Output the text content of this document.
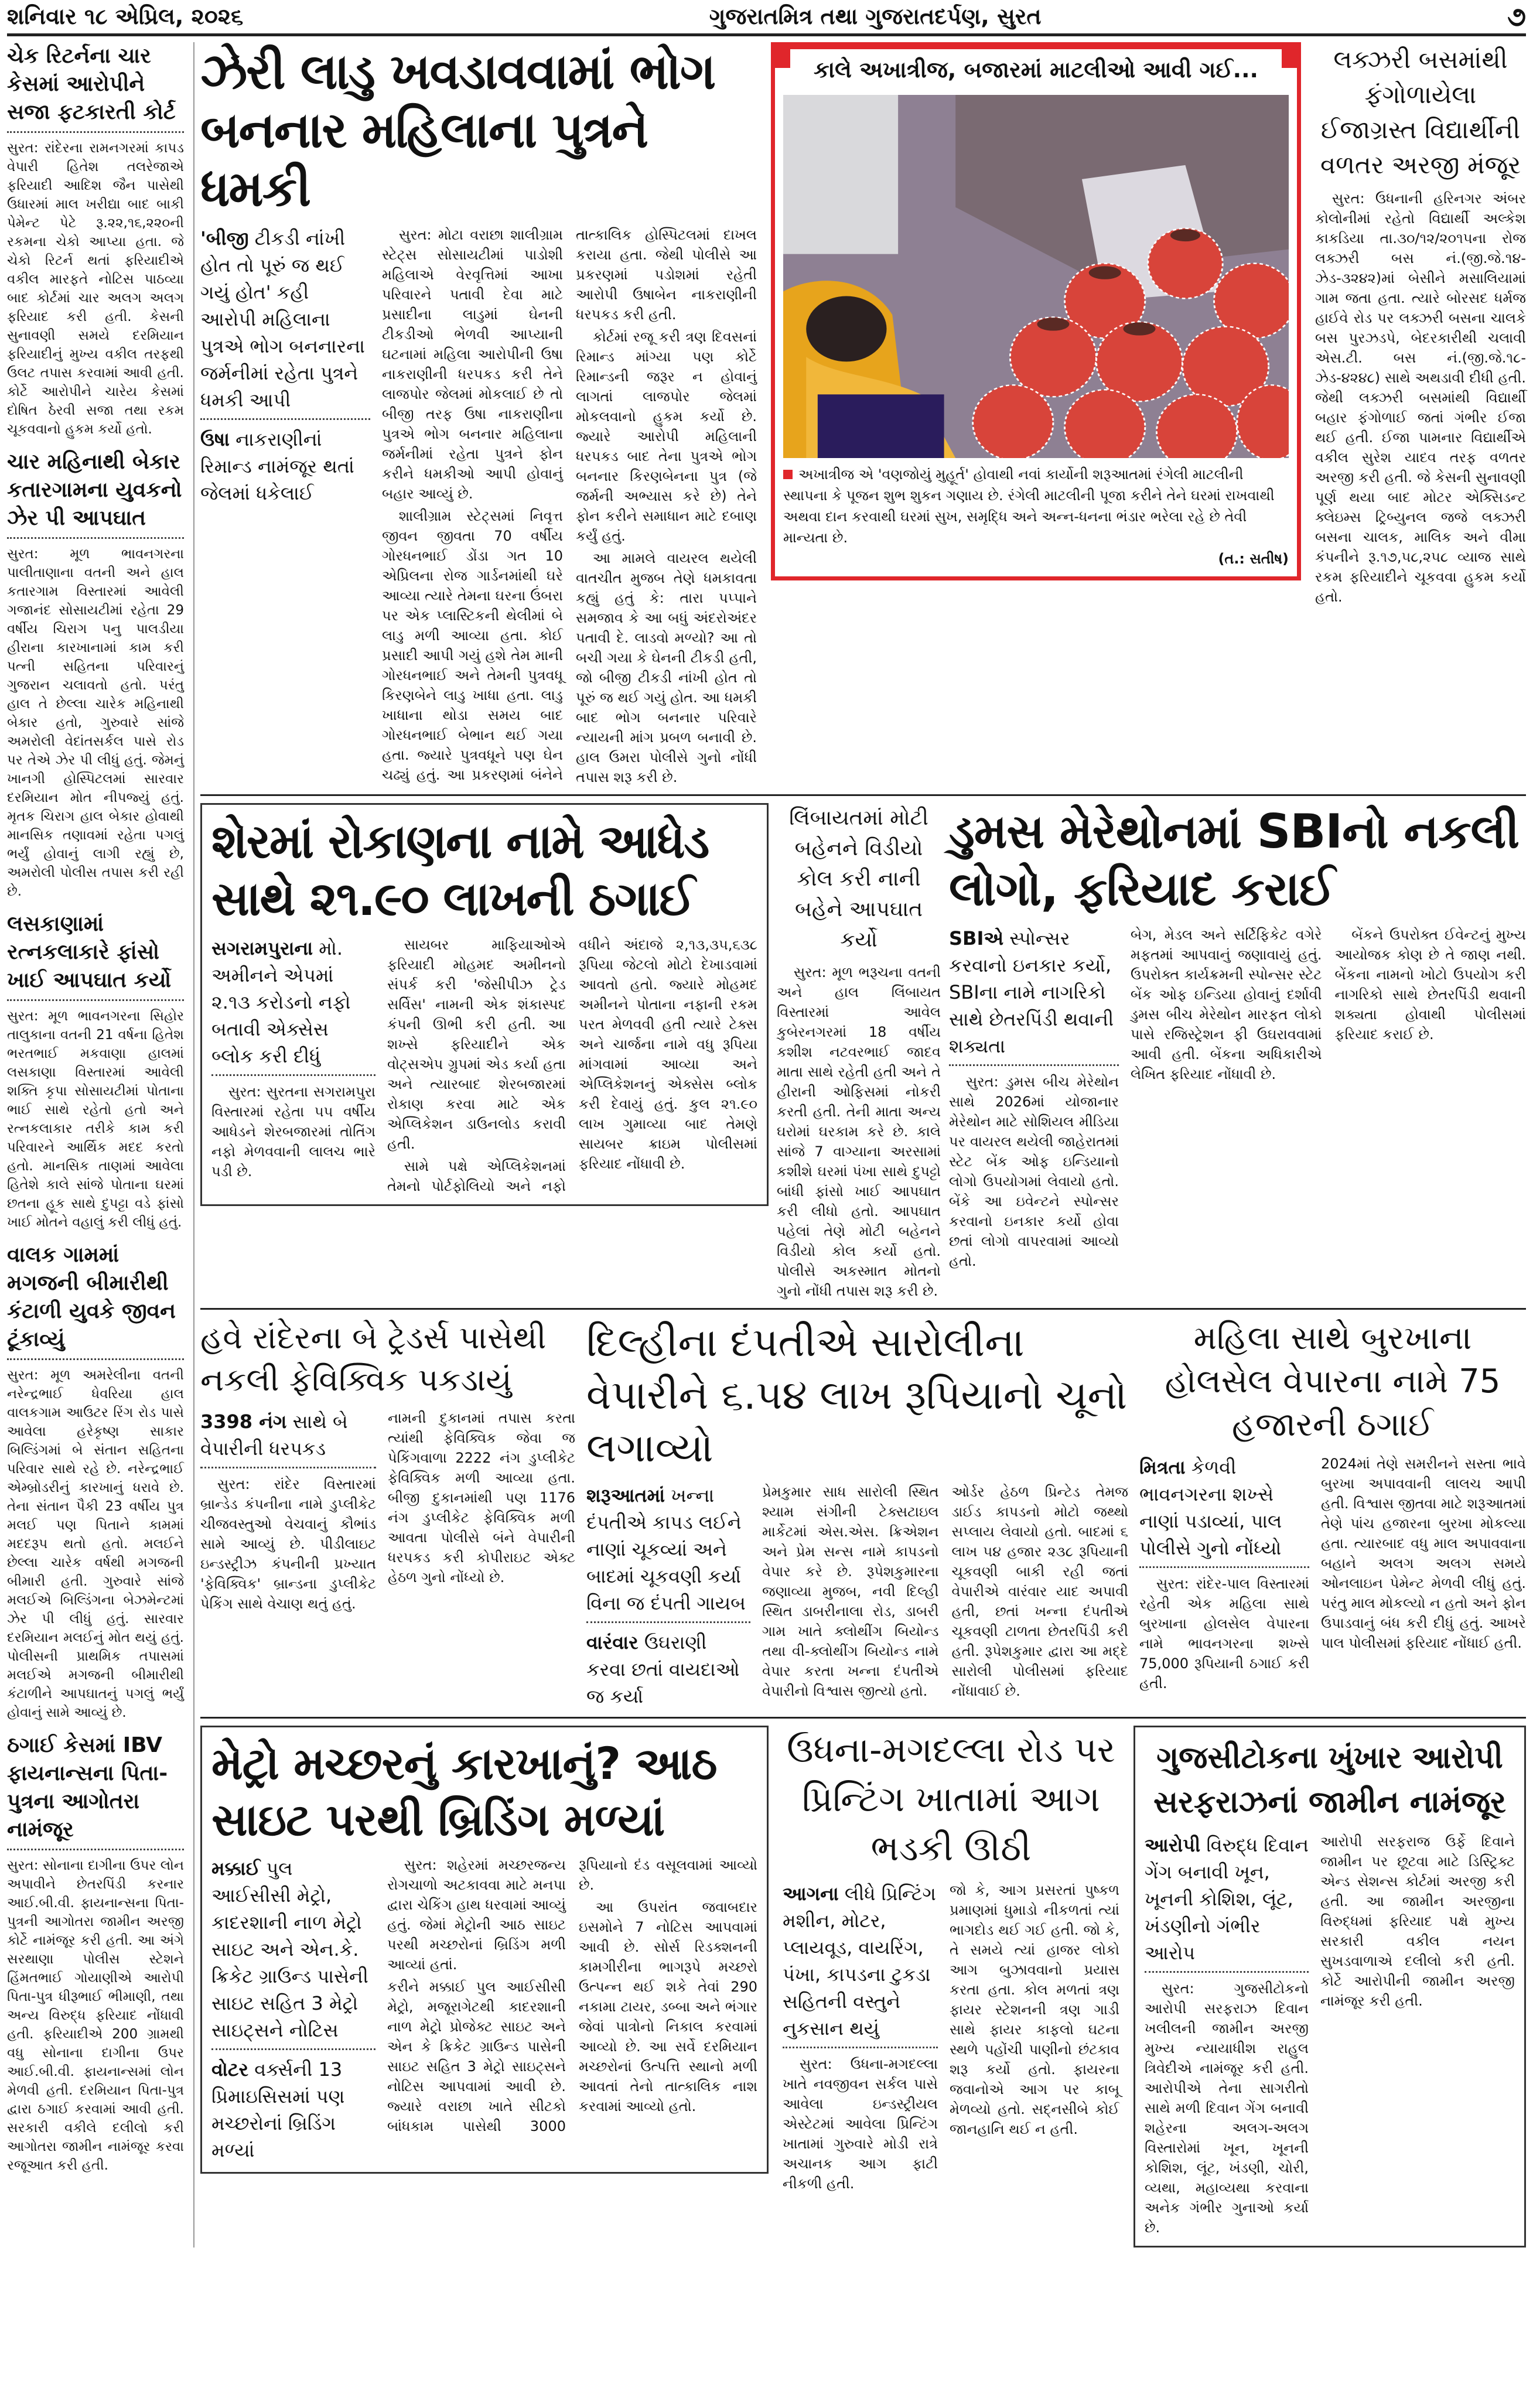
શનિવાર ૧૮ એપ્રિલ, ૨૦૨૬	ગુજરાતમિત્ર તથા ગુજરાતદર્પણ, સુરત	૭
ચેક રિટર્નના ચાર કેસમાં આરોપીને સજા ફટકારતી કોર્ટ
સુરત: રાંદેરના રામનગરમાં કાપડ વેપારી હિતેશ તલરેજાએ ફરિયાદી આદિશ જૈન પાસેથી ઉધારમાં માલ ખરીદ્યા બાદ બાકી પેમેન્ટ પેટે રૂ.૨૨,૧૬,૨૨૦ની રકમના ચેકો આપ્યા હતા. જે ચેકો રિટર્ન થતાં ફરિયાદીએ વકીલ મારફતે નોટિસ પાઠવ્યા બાદ કોર્ટમાં ચાર અલગ અલગ ફરિયાદ કરી હતી. કેસની સુનાવણી સમયે દરમિયાન ફરિયાદીનું મુખ્ય વકીલ તરફથી ઉલટ તપાસ કરવામાં આવી હતી. કોર્ટે આરોપીને ચારેય કેસમાં દોષિત ઠેરવી સજા તથા રકમ ચૂકવવાનો હુકમ કર્યો હતો.
ચાર મહિનાથી બેકાર કતારગામના યુવકનો ઝેર પી આપઘાત
સુરત: મૂળ ભાવનગરના પાલીતાણાના વતની અને હાલ કતારગામ વિસ્તારમાં આવેલી ગજાનંદ સોસાયટીમાં રહેતા 29 વર્ષીય ચિરાગ પનુ પાલડીયા હીરાના કારખાનામાં કામ કરી પત્ની સહિતના પરિવારનું ગુજરાન ચલાવતો હતો. પરંતુ હાલ તે છેલ્લા ચારેક મહિનાથી બેકાર હતો, ગુરુવારે સાંજે અમરોલી વેદાંતસર્કલ પાસે રોડ પર તેએ ઝેર પી લીધું હતું. જેમનું ખાનગી હોસ્પિટલમાં સારવાર દરમિયાન મોત નીપજ્યું હતું. મૃતક ચિરાગ હાલ બેકાર હોવાથી માનસિક તણાવમાં રહેતા પગલું ભર્યું હોવાનું લાગી રહ્યું છે, અમરોલી પોલીસ તપાસ કરી રહી છે.
લસકાણામાં રત્નકલાકારે ફાંસો ખાઈ આપઘાત કર્યો
સુરત: મૂળ ભાવનગરના સિહોર તાલુકાના વતની 21 વર્ષના હિતેશ ભરતભાઈ મકવાણા હાલમાં લસકાણા વિસ્તારમાં આવેલી શક્તિ કૃપા સોસાયટીમાં પોતાના ભાઈ સાથે રહેતો હતો અને રત્નકલાકાર તરીકે કામ કરી પરિવારને આર્થિક મદદ કરતો હતો. માનસિક તાણમાં આવેલા હિતેશે કાલે સાંજે પોતાના ઘરમાં છતના હૂક સાથે દુપટ્ટા વડે ફાંસો ખાઈ મોતને વહાલું કરી લીધું હતું.
વાલક ગામમાં મગજની બીમારીથી કંટાળી યુવકે જીવન ટૂંકાવ્યું
સુરત: મૂળ અમરેલીના વતની નરેન્દ્રભાઈ ધેવરિયા હાલ વાલકગામ આઉટર રિંગ રોડ પાસે આવેલા હરેકૃષ્ણ સાકાર બિલ્ડિંગમાં બે સંતાન સહિતના પરિવાર સાથે રહે છે. નરેન્દ્રભાઈ એમ્બ્રોડરીનું કારખાનું ધરાવે છે. તેના સંતાન પૈકી 23 વર્ષીય પુત્ર મલઈ પણ પિતાને કામમાં મદદરૂપ થતો હતો. મલઈને છેલ્લા ચારેક વર્ષથી મગજની બીમારી હતી. ગુરુવારે સાંજે મલઈએ બિલ્ડિંગના બેઝમેન્ટમાં ઝેર પી લીધું હતું. સારવાર દરમિયાન મલઈનું મોત થયું હતું. પોલીસની પ્રાથમિક તપાસમાં મલઈએ મગજની બીમારીથી કંટાળીને આપઘાતનું પગલું ભર્યું હોવાનું સામે આવ્યું છે.
ઠગાઈ કેસમાં IBV ફાયનાન્સના પિતા-પુત્રના આગોતરા નામંજૂર
સુરત: સોનાના દાગીના ઉપર લોન અપાવીને છેતરપિંડી કરનાર આઈ.બી.વી. ફાયનાન્સના પિતા-પુત્રની આગોતરા જામીન અરજી કોર્ટે નામંજૂર કરી હતી. આ અંગે સરથાણા પોલીસ સ્ટેશને હિંમતભાઈ ગોયાણીએ આરોપી પિતા-પુત્ર ધીરૂભાઈ ભીમાણી, તથા અન્ય વિરુદ્ધ ફરિયાદ નોંધાવી હતી. ફરિયાદીએ 200 ગ્રામથી વધુ સોનાના દાગીના ઉપર આઈ.બી.વી. ફાયનાન્સમાં લોન મેળવી હતી. દરમિયાન પિતા-પુત્ર દ્વારા ઠગાઈ કરવામાં આવી હતી. સરકારી વકીલે દલીલો કરી આગોતરા જામીન નામંજૂર કરવા રજૂઆત કરી હતી.
ઝેરી લાડુ ખવડાવવામાં ભોગ બનનાર મહિલાના પુત્રને ધમકી
'બીજી ટીકડી નાંખી હોત તો પૂરું જ થઈ ગયું હોત' કહી આરોપી મહિલાના પુત્રએ ભોગ બનનારના જર્મનીમાં રહેતા પુત્રને ધમકી આપી
ઉષા નાકરાણીનાં રિમાન્ડ નામંજૂર થતાં જેલમાં ધકેલાઈ

સુરત: મોટા વરાછા શાલીગ્રામ સ્ટેટ્સ સોસાયટીમાં પાડોશી મહિલાએ વેરવૃત્તિમાં આખા પરિવારને પતાવી દેવા માટે પ્રસાદીના લાડુમાં ઘેનની ટીકડીઓ ભેળવી આપ્યાની ઘટનામાં મહિલા આરોપીની ઉષા નાકરાણીની ધરપકડ કરી તેને લાજપોર જેલમાં મોકલાઈ છે તો બીજી તરફ ઉષા નાકરાણીના પુત્રએ ભોગ બનનાર મહિલાના જર્મનીમાં રહેતા પુત્રને ફોન કરીને ધમકીઓ આપી હોવાનું બહાર આવ્યું છે.

શાલીગ્રામ સ્ટેટ્સમાં નિવૃત્ત જીવન જીવતા 70 વર્ષીય ગોરધનભાઈ ડોંડા ગત 10 એપ્રિલના રોજ ગાર્ડનમાંથી ઘરે આવ્યા ત્યારે તેમના ઘરના ઉંબરા પર એક પ્લાસ્ટિકની થેલીમાં બે લાડુ મળી આવ્યા હતા. કોઈ પ્રસાદી આપી ગયું હશે તેમ માની ગોરધનભાઈ અને તેમની પુત્રવધૂ કિરણબેને લાડુ ખાધા હતા. લાડુ ખાધાના થોડા સમય બાદ ગોરધનભાઈ બેભાન થઈ ગયા હતા. જ્યારે પુત્રવધૂને પણ ઘેન ચઢ્યું હતું. આ પ્રકરણમાં બંનેને તાત્કાલિક હોસ્પિટલમાં દાખલ કરાયા હતા. જેથી પોલીસે આ પ્રકરણમાં પડોશમાં રહેતી આરોપી ઉષાબેન નાકરાણીની ધરપકડ કરી હતી.

કોર્ટમાં રજૂ કરી ત્રણ દિવસનાં રિમાન્ડ માંગ્યા પણ કોર્ટે રિમાન્ડની જરૂર ન હોવાનું લાગતાં લાજપોર જેલમાં મોકલવાનો હુકમ કર્યો છે. જ્યારે આરોપી મહિલાની ધરપકડ બાદ તેના પુત્રએ ભોગ બનનાર કિરણબેનના પુત્ર (જે જર્મની અભ્યાસ કરે છે) તેને ફોન કરીને સમાધાન માટે દબાણ કર્યું હતું.

આ મામલે વાયરલ થયેલી વાતચીત મુજબ તેણે ધમકાવતા કહ્યું હતું કે: તારા પપ્પાને સમજાવ કે આ બધું અંદરોઅંદર પતાવી દે. લાડવો મળ્યો? આ તો બચી ગયા કે ઘેનની ટીકડી હતી, જો બીજી ટીકડી નાંખી હોત તો પૂરું જ થઈ ગયું હોત. આ ધમકી બાદ ભોગ બનનાર પરિવારે ન્યાયની માંગ પ્રબળ બનાવી છે. હાલ ઉમરા પોલીસે ગુનો નોંધી તપાસ શરૂ કરી છે.

કાલે અખાત્રીજ, બજારમાં માટલીઓ આવી ગઈ...
અખાત્રીજ એ 'વણજોયું મુહૂર્ત' હોવાથી નવાં કાર્યોની શરૂઆતમાં રંગેલી માટલીની સ્થાપના કે પૂજન શુભ શુકન ગણાય છે. રંગેલી માટલીની પૂજા કરીને તેને ઘરમાં રાખવાથી અથવા દાન કરવાથી ઘરમાં સુખ, સમૃદ્ધિ અને અન્ન-ધનના ભંડાર ભરેલા રહે છે તેવી માન્યતા છે.
(ત.: સતીષ)
લક્ઝરી બસમાંથી ફંગોળાયેલા ઈજાગ્રસ્ત વિદ્યાર્થીની વળતર અરજી મંજૂર
સુરત: ઉધનાની હરિનગર અંબર કોલોનીમાં રહેતો વિદ્યાર્થી અલ્કેશ કાકડિયા તા.૩૦/૧૨/૨૦૧૫ના રોજ લક્ઝરી બસ નં.(જી.જે.૧૪-ઝેડ-૩૨૪૨)માં બેસીને મસાલિયામાં ગામ જતા હતા. ત્યારે બોરસદ ધર્મજ હાઈવે રોડ પર લક્ઝરી બસના ચાલકે બસ પુરઝડપે, બેદરકારીથી ચલાવી એસ.ટી. બસ નં.(જી.જે.૧૮-ઝેડ-૪૨૪૮) સાથે અથડાવી દીધી હતી. જેથી લક્ઝરી બસમાંથી વિદ્યાર્થી બહાર ફંગોળાઈ જતાં ગંભીર ઈજા થઈ હતી. ઈજા પામનાર વિદ્યાર્થીએ વકીલ સુરેશ યાદવ તરફ વળતર અરજી કરી હતી. જે કેસની સુનાવણી પૂર્ણ થયા બાદ મોટર એક્સિડન્ટ ક્લેઇમ્સ ટ્રિબ્યુનલ જજે લક્ઝરી બસના ચાલક, માલિક અને વીમા કંપનીને રૂ.૧૭,૫૮,૨૫૮ વ્યાજ સાથે રકમ ફરિયાદીને ચૂકવવા હુકમ કર્યો હતો.
શેરમાં રોકાણના નામે આધેડ સાથે ૨૧.૯૦ લાખની ઠગાઈ
સગરામપુરાના મો. અમીનને એપમાં ૨.૧૩ કરોડનો નફો બતાવી એક્સેસ બ્લોક કરી દીધું

સુરત: સુરતના સગરામપુરા વિસ્તારમાં રહેતા ૫૫ વર્ષીય આધેડને શેરબજારમાં તોતિંગ નફો મેળવવાની લાલચ ભારે પડી છે.

સાયબર માફિયાઓએ ફરિયાદી મોહમદ અમીનનો સંપર્ક કરી 'જેસીપીઝ ટ્રેડ સર્વિસ' નામની એક શંકાસ્પદ કંપની ઊભી કરી હતી. આ શખ્સે ફરિયાદીને એક વોટ્સએપ ગ્રુપમાં એડ કર્યા હતા અને ત્યારબાદ શેરબજારમાં રોકાણ કરવા માટે એક એપ્લિકેશન ડાઉનલોડ કરાવી હતી.

સામે પક્ષે એપ્લિકેશનમાં તેમનો પોર્ટફોલિયો અને નફો વધીને અંદાજે ૨,૧૩,૩૫,૬૩૮ રૂપિયા જેટલો મોટો દેખાડવામાં આવતો હતો. જ્યારે મોહમદ અમીનને પોતાના નફાની રકમ પરત મેળવવી હતી ત્યારે ટેક્સ અને ચાર્જના નામે વધુ રૂપિયા માંગવામાં આવ્યા અને એપ્લિકેશનનું એક્સેસ બ્લોક કરી દેવાયું હતું. કુલ ૨૧.૯૦ લાખ ગુમાવ્યા બાદ તેમણે સાયબર ક્રાઇમ પોલીસમાં ફરિયાદ નોંધાવી છે.

લિંબાયતમાં મોટી બહેનને વિડીયો કોલ કરી નાની બહેને આપઘાત કર્યો
સુરત: મૂળ ભરૂચના વતની અને હાલ લિંબાયત વિસ્તારમાં આવેલ કુબેરનગરમાં 18 વર્ષીય કશીશ નટવરભાઈ જાદવ માતા સાથે રહેતી હતી અને તે હીરાની ઓફિસમાં નોકરી કરતી હતી. તેની માતા અન્ય ઘરોમાં ઘરકામ કરે છે. કાલે સાંજે 7 વાગ્યાના અરસામાં કશીશે ઘરમાં પંખા સાથે દુપટ્ટો બાંધી ફાંસો ખાઈ આપઘાત કરી લીધો હતો. આપઘાત પહેલાં તેણે મોટી બહેનને વિડીયો કોલ કર્યો હતો. પોલીસે અકસ્માત મોતનો ગુનો નોંધી તપાસ શરૂ કરી છે.
ડુમસ મેરેથોનમાં SBIનો નકલી લોગો, ફરિયાદ કરાઈ
SBIએ સ્પોન્સર કરવાનો ઇનકાર કર્યો, SBIના નામે નાગરિકો સાથે છેતરપિંડી થવાની શક્યતા

સુરત: ડુમસ બીચ મેરેથોન સાથે 2026માં યોજાનાર મેરેથોન માટે સોશિયલ મીડિયા પર વાયરલ થયેલી જાહેરાતમાં સ્ટેટ બેંક ઓફ ઇન્ડિયાનો લોગો ઉપયોગમાં લેવાયો હતો. બેંકે આ ઇવેન્ટને સ્પોન્સર કરવાનો ઇનકાર કર્યો હોવા છતાં લોગો વાપરવામાં આવ્યો હતો.

બેગ, મેડલ અને સર્ટિફિકેટ વગેરે મફતમાં આપવાનું જણાવાયું હતું. ઉપરોક્ત કાર્યક્રમની સ્પોન્સર સ્ટેટ બેંક ઓફ ઇન્ડિયા હોવાનું દર્શાવી ડુમસ બીચ મેરેથોન મારફત લોકો પાસે રજિસ્ટ્રેશન ફી ઉઘરાવવામાં આવી હતી. બેંકના અધિકારીએ લેખિત ફરિયાદ નોંધાવી છે.

બેંકને ઉપરોક્ત ઈવેન્ટનું મુખ્ય આયોજક કોણ છે તે જાણ નથી. બેંકના નામનો ખોટો ઉપયોગ કરી નાગરિકો સાથે છેતરપિંડી થવાની શક્યતા હોવાથી પોલીસમાં ફરિયાદ કરાઈ છે.

હવે રાંદેરના બે ટ્રેડર્સ પાસેથી નકલી ફેવિક્વિક પકડાયું
3398 નંગ સાથે બે વેપારીની ધરપકડ

સુરત: રાંદેર વિસ્તારમાં બ્રાન્ડેડ કંપનીના નામે ડુપ્લીકેટ ચીજવસ્તુઓ વેચવાનું કૌભાંડ સામે આવ્યું છે. પીડીલાઇટ ઇન્ડસ્ટ્રીઝ કંપનીની પ્રખ્યાત 'ફેવિક્વિક' બ્રાન્ડના ડુપ્લીકેટ પેકિંગ સાથે વેચાણ થતું હતું.

નામની દુકાનમાં તપાસ કરતા ત્યાંથી ફેવિક્વિક જેવા જ પેકિંગવાળા 2222 નંગ ડુપ્લીકેટ ફેવિક્વિક મળી આવ્યા હતા. બીજી દુકાનમાંથી પણ 1176 નંગ ડુપ્લીકેટ ફેવિક્વિક મળી આવતા પોલીસે બંને વેપારીની ધરપકડ કરી કોપીરાઇટ એક્ટ હેઠળ ગુનો નોંધ્યો છે.

દિલ્હીના દંપતીએ સારોલીના વેપારીને ૬.૫૪ લાખ રૂપિયાનો ચૂનો લગાવ્યો
શરૂઆતમાં ખન્ના દંપતીએ કાપડ લઈને નાણાં ચૂકવ્યાં અને બાદમાં ચૂકવણી કર્યા વિના જ દંપતી ગાયબ
વારંવાર ઉઘરાણી કરવા છતાં વાયદાઓ જ કર્યા

પ્રેમકુમાર સાધ સારોલી સ્થિત શ્યામ સંગીની ટેક્સટાઇલ માર્કેટમાં એસ.એસ. ક્રિએશન અને પ્રેમ સન્સ નામે કાપડનો વેપાર કરે છે. રૂપેશકુમારના જણાવ્યા મુજબ, નવી દિલ્હી સ્થિત ડાબરીનાલા રોડ, ડાબરી ગામ ખાતે ક્લોથીંગ બિયોન્ડ તથા વી-ક્લોથીંગ બિયોન્ડ નામે વેપાર કરતા ખન્ના દંપતીએ વેપારીનો વિશ્વાસ જીત્યો હતો.

ઓર્ડર હેઠળ પ્રિન્ટેડ તેમજ ડાઈડ કાપડનો મોટો જથ્થો સપ્લાય લેવાયો હતો. બાદમાં ૬ લાખ ૫૪ હજાર ૨૩૮ રૂપિયાની ચૂકવણી બાકી રહી જતાં વેપારીએ વારંવાર યાદ અપાવી હતી, છતાં ખન્ના દંપતીએ ચૂકવણી ટાળતા છેતરપિંડી કરી હતી. રૂપેશકુમાર દ્વારા આ મદ્દે સારોલી પોલીસમાં ફરિયાદ નોંધાવાઈ છે.

મહિલા સાથે બુરખાના હોલસેલ વેપારના નામે 75 હજારની ઠગાઈ
મિત્રતા કેળવી ભાવનગરના શખ્સે નાણાં પડાવ્યાં, પાલ પોલીસે ગુનો નોંધ્યો

સુરત: રાંદેર-પાલ વિસ્તારમાં રહેતી એક મહિલા સાથે બુરખાના હોલસેલ વેપારના નામે ભાવનગરના શખ્સે 75,000 રૂપિયાની ઠગાઈ કરી હતી.

2024માં તેણે સમરીનને સસ્તા ભાવે બુરખા અપાવવાની લાલચ આપી હતી. વિશ્વાસ જીતવા માટે શરૂઆતમાં તેણે પાંચ હજારના બુરખા મોકલ્યા હતા. ત્યારબાદ વધુ માલ અપાવવાના બહાને અલગ અલગ સમયે ઓનલાઇન પેમેન્ટ મેળવી લીધું હતું. પરંતુ માલ મોકલ્યો ન હતો અને ફોન ઉપાડવાનું બંધ કરી દીધું હતું. આખરે પાલ પોલીસમાં ફરિયાદ નોંધાઈ હતી.

મેટ્રો મચ્છરનું કારખાનું? આઠ સાઇટ પરથી બ્રિડિંગ મળ્યાં
મક્કાઈ પુલ આઈસીસી મેટ્રો, કાદરશાની નાળ મેટ્રો સાઇટ અને એન.કે. ક્રિકેટ ગ્રાઉન્ડ પાસેની સાઇટ સહિત 3 મેટ્રો સાઇટ્સને નોટિસ
વોટર વર્ક્સની 13 પ્રિમાઇસિસમાં પણ મચ્છરોનાં બ્રિડિંગ મળ્યાં

સુરત: શહેરમાં મચ્છરજન્ય રોગચાળો અટકાવવા માટે મનપા દ્વારા ચેકિંગ હાથ ધરવામાં આવ્યું હતું. જેમાં મેટ્રોની આઠ સાઇટ પરથી મચ્છરોનાં બ્રિડિંગ મળી આવ્યાં હતાં.

કરીને મક્કાઈ પુલ આઈસીસી મેટ્રો, મજૂરાગેટથી કાદરશાની નાળ મેટ્રો પ્રોજેક્ટ સાઇટ અને એન કે ક્રિકેટ ગ્રાઉન્ડ પાસેની સાઇટ સહિત 3 મેટ્રો સાઇટ્સને નોટિસ આપવામાં આવી છે. જ્યારે વરાછા ખાતે સીટકો બાંધકામ પાસેથી 3000 રૂપિયાનો દંડ વસૂલવામાં આવ્યો છે.

આ ઉપરાંત જવાબદાર ઇસમોને 7 નોટિસ આપવામાં આવી છે. સોર્સ રિડક્શનની કામગીરીના ભાગરૂપે મચ્છરો ઉત્પન્ન થઈ શકે તેવાં 290 નકામા ટાયર, ડબ્બા અને ભંગાર જેવાં પાત્રોનો નિકાલ કરવામાં આવ્યો છે. આ સર્વે દરમિયાન મચ્છરોનાં ઉત્પત્તિ સ્થાનો મળી આવતાં તેનો તાત્કાલિક નાશ કરવામાં આવ્યો હતો.

ઉધના-મગદલ્લા રોડ પર પ્રિન્ટિંગ ખાતામાં આગ ભડકી ઊઠી
આગના લીધે પ્રિન્ટિંગ મશીન, મોટર, પ્લાયવૂડ, વાયરિંગ, પંખા, કાપડના ટુકડા સહિતની વસ્તુને નુકસાન થયું

સુરત: ઉધના-મગદલ્લા ખાતે નવજીવન સર્કલ પાસે આવેલા ઇન્ડસ્ટ્રીયલ એસ્ટેટમાં આવેલા પ્રિન્ટિંગ ખાતામાં ગુરુવારે મોડી રાત્રે અચાનક આગ ફાટી નીકળી હતી.

જો કે, આગ પ્રસરતાં પુષ્કળ પ્રમાણમાં ધુમાડો નીકળતાં ત્યાં ભાગદોડ થઈ ગઈ હતી. જો કે, તે સમયે ત્યાં હાજર લોકો આગ બુઝાવવાનો પ્રયાસ કરતા હતા. કોલ મળતાં ત્રણ ફાયર સ્ટેશનની ત્રણ ગાડી સાથે ફાયર કાફલો ઘટના સ્થળે પહોંચી પાણીનો છંટકાવ શરૂ કર્યો હતો. ફાયરના જવાનોએ આગ પર કાબૂ મેળવ્યો હતો. સદ્નસીબે કોઈ જાનહાનિ થઈ ન હતી.

ગુજસીટોકના ખુંખાર આરોપી સરફરાઝનાં જામીન નામંજૂર
આરોપી વિરુદ્ધ દિવાન ગેંગ બનાવી ખૂન, ખૂનની કોશિશ, લૂંટ, ખંડણીનો ગંભીર આરોપ

સુરત: ગુજસીટોકનો આરોપી સરફરાઝ દિવાન ખલીલની જામીન અરજી મુખ્ય ન્યાયાધીશ રાહુલ ત્રિવેદીએ નામંજૂર કરી હતી. આરોપીએ તેના સાગરીતો સાથે મળી દિવાન ગેંગ બનાવી શહેરના અલગ-અલગ વિસ્તારોમાં ખૂન, ખૂનની કોશિશ, લૂંટ, ખંડણી, ચોરી, વ્યથા, મહાવ્યથા કરવાના અનેક ગંભીર ગુનાઓ કર્યા છે.

આરોપી સરફરાજ ઉર્ફે દિવાને જામીન પર છૂટવા માટે ડિસ્ટ્રિક્ટ એન્ડ સેશન્સ કોર્ટમાં અરજી કરી હતી. આ જામીન અરજીના વિરુદ્ધમાં ફરિયાદ પક્ષે મુખ્ય સરકારી વકીલ નયન સુખડવાળાએ દલીલો કરી હતી. કોર્ટે આરોપીની જામીન અરજી નામંજૂર કરી હતી.
